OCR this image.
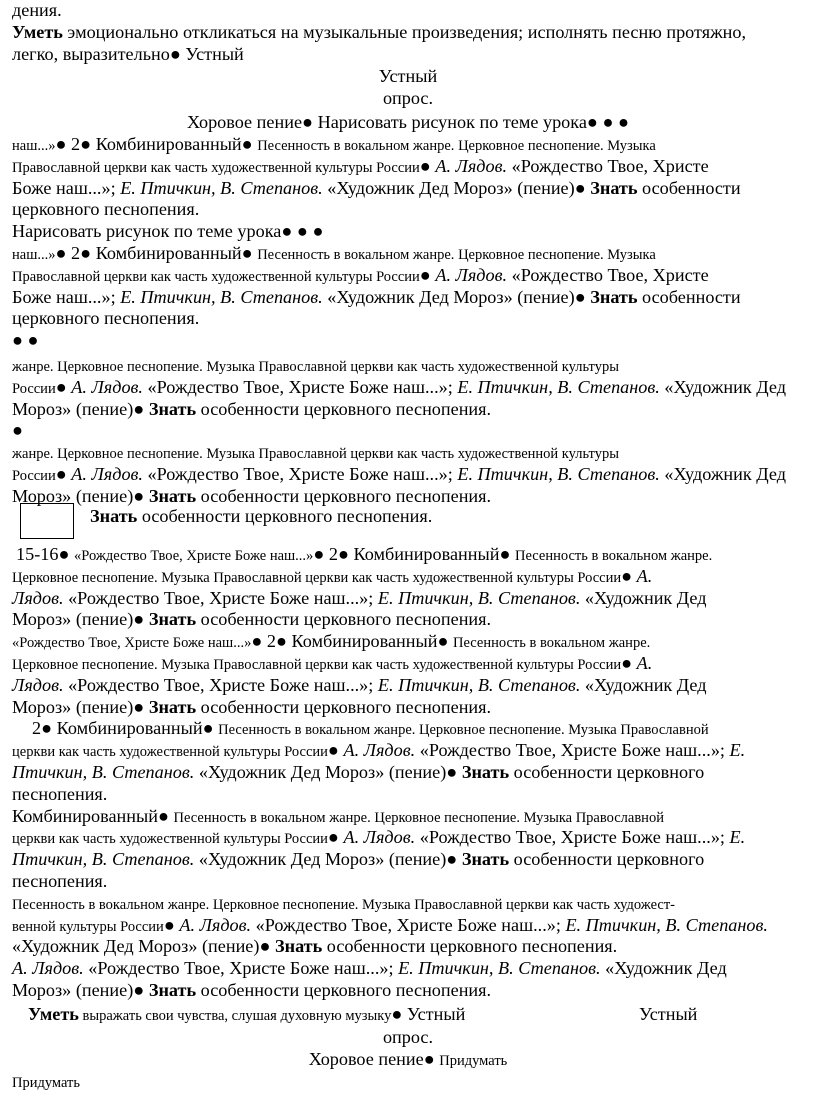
дения.
Уметь эмоционально откликаться на музыкальные произведения; исполнять песню протяжно,
легко, выразительно● Устный
Устный
опрос.
Хоровое пение● Нарисовать рисунок по теме урока● ● ●
наш...»● 2● Комбинированный● Песенность в вокальном жанре. Церковное песнопение. Музыка
Православной церкви как часть художественной культуры России● А. Лядов. «Рождество Твое, Христе
Боже наш...»; Е. Птичкин, В. Степанов. «Художник Дед Мороз» (пение)● Знать особенности
церковного песнопения.
Нарисовать рисунок по теме урока● ● ●
наш...»● 2● Комбинированный● Песенность в вокальном жанре. Церковное песнопение. Музыка
Православной церкви как часть художественной культуры России● А. Лядов. «Рождество Твое, Христе
Боже наш...»; Е. Птичкин, В. Степанов. «Художник Дед Мороз» (пение)● Знать особенности
церковного песнопения.
● ●
жанре. Церковное песнопение. Музыка Православной церкви как часть художественной культуры
России● А. Лядов. «Рождество Твое, Христе Боже наш...»; Е. Птичкин, В. Степанов. «Художник Дед
Мороз» (пение)● Знать особенности церковного песнопения.
●
жанре. Церковное песнопение. Музыка Православной церкви как часть художественной культуры
России● А. Лядов. «Рождество Твое, Христе Боже наш...»; Е. Птичкин, В. Степанов. «Художник Дед
Мороз» (пение)● Знать особенности церковного песнопения.
Знать особенности церковного песнопения.
15-16● «Рождество Твое, Христе Боже наш...»● 2● Комбинированный● Песенность в вокальном жанре.
Церковное песнопение. Музыка Православной церкви как часть художественной культуры России● А.
Лядов. «Рождество Твое, Христе Боже наш...»; Е. Птичкин, В. Степанов. «Художник Дед
Мороз» (пение)● Знать особенности церковного песнопения.
«Рождество Твое, Христе Боже наш...»● 2● Комбинированный● Песенность в вокальном жанре.
Церковное песнопение. Музыка Православной церкви как часть художественной культуры России● А.
Лядов. «Рождество Твое, Христе Боже наш...»; Е. Птичкин, В. Степанов. «Художник Дед
Мороз» (пение)● Знать особенности церковного песнопения.
2● Комбинированный● Песенность в вокальном жанре. Церковное песнопение. Музыка Православной
церкви как часть художественной культуры России● А. Лядов. «Рождество Твое, Христе Боже наш...»; Е.
Птичкин, В. Степанов. «Художник Дед Мороз» (пение)● Знать особенности церковного
песнопения.
Комбинированный● Песенность в вокальном жанре. Церковное песнопение. Музыка Православной
церкви как часть художественной культуры России● А. Лядов. «Рождество Твое, Христе Боже наш...»; Е.
Птичкин, В. Степанов. «Художник Дед Мороз» (пение)● Знать особенности церковного
песнопения.
Песенность в вокальном жанре. Церковное песнопение. Музыка Православной церкви как часть художест-
венной культуры России● А. Лядов. «Рождество Твое, Христе Боже наш...»; Е. Птичкин, В. Степанов.
«Художник Дед Мороз» (пение)● Знать особенности церковного песнопения.
А. Лядов. «Рождество Твое, Христе Боже наш...»; Е. Птичкин, В. Степанов. «Художник Дед
Мороз» (пение)● Знать особенности церковного песнопения.
Уметь выражать свои чувства, слушая духовную музыку● Устный	Устный
опрос.
Хоровое пение● Придумать
Придумать
